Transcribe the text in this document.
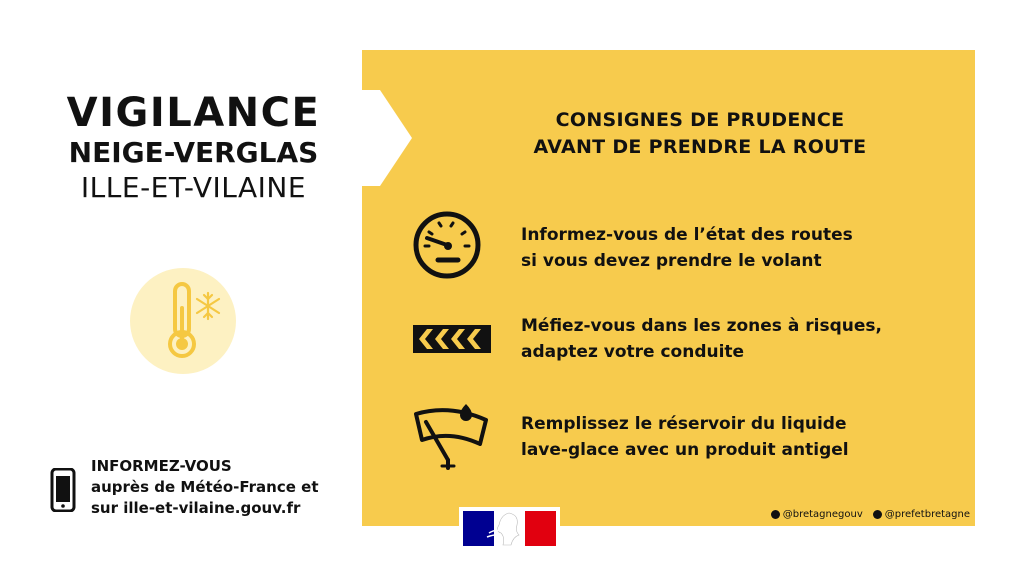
VIGILANCE
NEIGE-VERGLAS
ILLE-ET-VILAINE
INFORMEZ-VOUS
auprès de Météo-France et
sur ille-et-vilaine.gouv.fr
CONSIGNES DE PRUDENCE
AVANT DE PRENDRE LA ROUTE
Informez-vous de l’état des routes
si vous devez prendre le volant
Méfiez-vous dans les zones à risques,
adaptez votre conduite
Remplissez le réservoir du liquide
lave-glace avec un produit antigel
@bretagnegouv @prefetbretagne
